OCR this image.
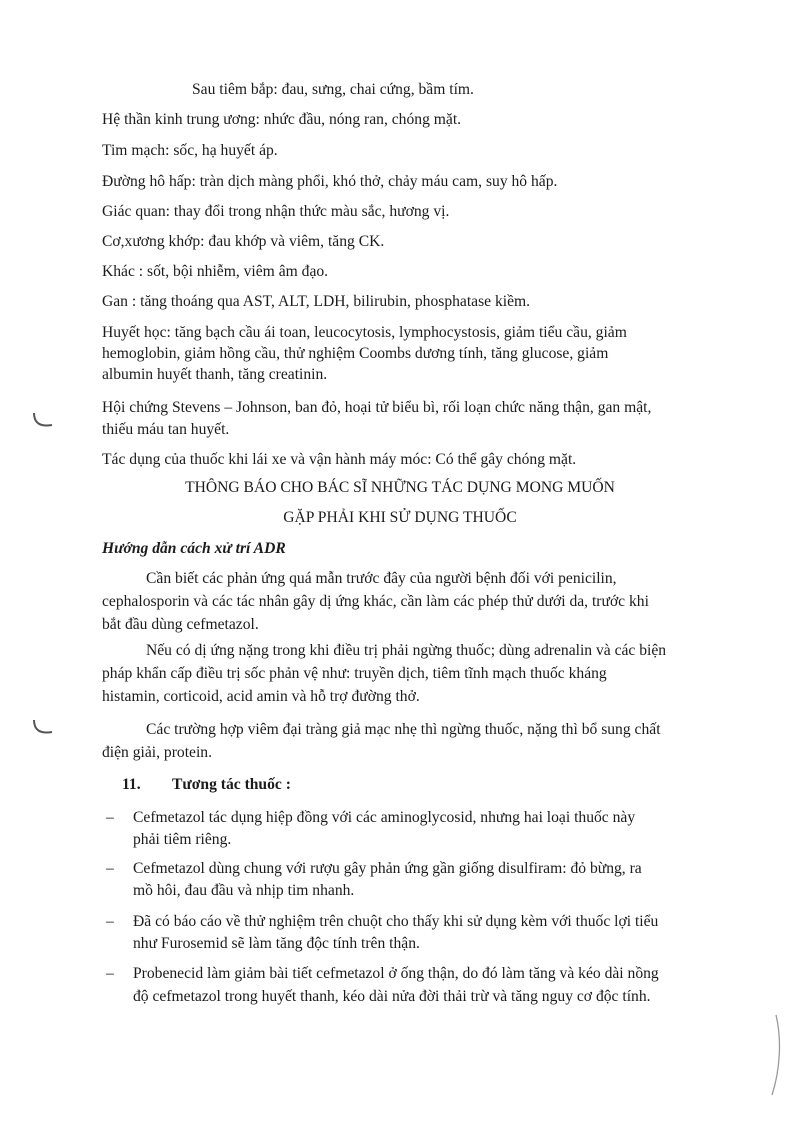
Sau tiêm bắp: đau, sưng, chai cứng, bầm tím.
Hệ thần kinh trung ương: nhức đầu, nóng ran, chóng mặt.
Tim mạch: sốc, hạ huyết áp.
Đường hô hấp: tràn dịch màng phổi, khó thở, chảy máu cam, suy hô hấp.
Giác quan: thay đổi trong nhận thức màu sắc, hương vị.
Cơ,xương khớp: đau khớp và viêm, tăng CK.
Khác : sốt, bội nhiễm, viêm âm đạo.
Gan : tăng thoáng qua AST, ALT, LDH, bilirubin, phosphatase kiềm.
Huyết học: tăng bạch cầu ái toan, leucocytosis, lymphocystosis, giảm tiểu cầu, giảm
hemoglobin, giảm hồng cầu, thử nghiệm Coombs dương tính, tăng glucose, giảm
albumin huyết thanh, tăng creatinin.
Hội chứng Stevens – Johnson, ban đỏ, hoại tử biểu bì, rối loạn chức năng thận, gan mật,
thiếu máu tan huyết.
Tác dụng của thuốc khi lái xe và vận hành máy móc: Có thể gây chóng mặt.
THÔNG BÁO CHO BÁC SĨ NHỮNG TÁC DỤNG MONG MUỐN
GẶP PHẢI KHI SỬ DỤNG THUỐC
Hướng dẫn cách xử trí ADR
Cần biết các phản ứng quá mẫn trước đây của người bệnh đối với penicilin,
cephalosporin và các tác nhân gây dị ứng khác, cần làm các phép thử dưới da, trước khi
bắt đầu dùng cefmetazol.
Nếu có dị ứng nặng trong khi điều trị phải ngừng thuốc; dùng adrenalin và các biện
pháp khẩn cấp điều trị sốc phản vệ như: truyền dịch, tiêm tĩnh mạch thuốc kháng
histamin, corticoid, acid amin và hỗ trợ đường thở.
Các trường hợp viêm đại tràng giả mạc nhẹ thì ngừng thuốc, nặng thì bổ sung chất
điện giải, protein.
11. Tương tác thuốc :
– Cefmetazol tác dụng hiệp đồng với các aminoglycosid, nhưng hai loại thuốc này
phải tiêm riêng.
– Cefmetazol dùng chung với rượu gây phản ứng gần giống disulfiram: đỏ bừng, ra
mồ hôi, đau đầu và nhịp tim nhanh.
– Đã có báo cáo về thử nghiệm trên chuột cho thấy khi sử dụng kèm với thuốc lợi tiểu
như Furosemid sẽ làm tăng độc tính trên thận.
– Probenecid làm giảm bài tiết cefmetazol ở ống thận, do đó làm tăng và kéo dài nồng
độ cefmetazol trong huyết thanh, kéo dài nửa đời thải trừ và tăng nguy cơ độc tính.
